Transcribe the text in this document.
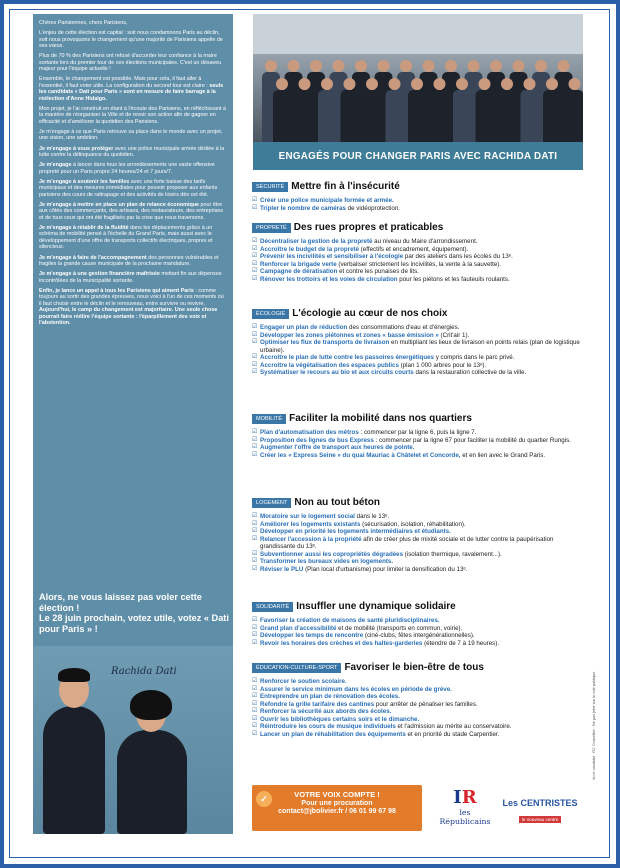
Chères Parisiennes, chers Parisiens,

L'enjeu de cette élection est capital : soit nous condamnons Paris au déclin, soit nous provoquons le changement qu'une majorité de Parisiens appelle de ses vœux.

Plus de 70 % des Parisiens ont refusé d'accorder leur confiance à la maire sortante lors du premier tour de ces élections municipales. C'est un désaveu majeur pour l'équipe actuelle !

Ensemble, le changement est possible. Mais pour cela, il faut aller à l'essentiel, il faut voter utile. La configuration du second tour est claire : seuls les candidats « Dati pour Paris » sont en mesure de faire barrage à la réélection d'Anne Hidalgo.

Mon projet, je l'ai construit en étant à l'écoute des Parisiens, en réfléchissant à la manière de réorganiser la Ville et de revoir son action afin de gagner en efficacité et d'améliorer la quotidien des Parisiens.

Je m'engage à ce que Paris retrouve sa place dans le monde avec un projet, une vision, une ambition.

Je m'engage à vous protéger avec une police municipale armée dédiée à la lutte contre la délinquance du quotidien.

Je m'engage à lancer dans tous les arrondissements une vaste offensive propreté pour un Paris propre 24 heures/24 et 7 jours/7.

Je m'engage à soutenir les familles avec une forte baisse des tarifs municipaux et des mesures immédiates pour pouvoir proposer aux enfants parisiens des cours de rattrapage et des activités de loisirs dès cet été.

Je m'engage à mettre en place un plan de relance économique pour être aux côtés des commerçants, des artisans, des restaurateurs, des entreprises et de tous ceux qui ont été fragilisés par la crise que nous traversons.

Je m'engage à rétablir de la fluidité dans les déplacements grâce à un schéma de mobilité pensé à l'échelle du Grand Paris, mais aussi avec le développement d'une offre de transports collectifs électriques, propres et silencieux.

Je m'engage à faire de l'accompagnement des personnes vulnérables et fragiles la grande cause municipale de la prochaine mandature.

Je m'engage à une gestion financière maîtrisée mettant fin aux dépenses incontrôlées de la municipalité sortante.

Enfin, je lance un appel à tous les Parisiens qui aiment Paris : comme toujours au sortir des grandes épreuves, nous voici à l'un de ces moments où il faut choisir entre le déclin et le renouveau, entre survivre ou revivre. Aujourd'hui, le camp du changement est majoritaire. Une seule chose pourrait faire réélire l'équipe sortante : l'éparpillement des voix et l'abstention.

Alors, ne vous laissez pas voler cette élection !

Le 28 juin prochain, votez utile, votez « Dati pour Paris » !

Rachida Dati
ENGAGÉS POUR CHANGER PARIS AVEC RACHIDA DATI
SÉCURITÉ Mettre fin à l'insécurité
☑ Créer une police municipale formée et armée.
☑ Tripler le nombre de caméras de vidéoprotection.
PROPRETÉ Des rues propres et praticables
☑ Décentraliser la gestion de la propreté au niveau du Maire d'arrondissement.
☑ Accroître le budget de la propreté (effectifs et encadrement, équipement).
☑ Prévenir les incivilités et sensibiliser à l'écologie par des ateliers dans les écoles du 13ᵉ.
☑ Renforcer la brigade verte (verbaliser strictement les incivilités, la vente à la sauvette).
☑ Campagne de dératisation et contre les punaises de lits.
☑ Rénover les trottoirs et les voies de circulation pour les piétons et les fauteuils roulants.
ÉCOLOGIE L'écologie au cœur de nos choix
☑ Engager un plan de réduction des consommations d'eau et d'énergies.
☑ Développer les zones piétonnes et zones « basse émission » (Crit'air 1).
☑ Optimiser les flux de transports de livraison en multipliant les lieux de livraison en points relais (plan de logistique urbaine).
☑ Accroître le plan de lutte contre les passoires énergétiques y compris dans le parc privé.
☑ Accroître la végétalisation des espaces publics (plan 1 000 arbres pour le 13ᵉ).
☑ Systématiser le recours au bio et aux circuits courts dans la restauration collective de la ville.
MOBILITÉ Faciliter la mobilité dans nos quartiers
☑ Plan d'automatisation des métros : commencer par la ligne 6, puis la ligne 7.
☑ Proposition des lignes de bus Express : commencer par la ligne 67 pour faciliter la mobilité du quartier Rungis.
☑ Augmenter l'offre de transport aux heures de pointe.
☑ Créer les « Express Seine » du quai Mauriac à Châtelet et Concorde, et en lien avec le Grand Paris.
LOGEMENT Non au tout béton
☑ Moratoire sur le logement social dans le 13ᵉ.
☑ Améliorer les logements existants (sécurisation, isolation, réhabilitation).
☑ Développer en priorité les logements intermédiaires et étudiants.
☑ Relancer l'accession à la propriété afin de créer plus de mixité sociale et de lutter contre la paupérisation grandissante du 13ᵉ.
☑ Subventionner aussi les copropriétés dégradées (isolation thermique, ravalement...).
☑ Transformer les bureaux vides en logements.
☑ Réviser le PLU (Plan local d'urbanisme) pour limiter la densification du 13ᵉ.
SOLIDARITÉ Insuffler une dynamique solidaire
☑ Favoriser la création de maisons de santé pluridisciplinaires.
☑ Grand plan d'accessibilité et de mobilité (transports en commun, voirie).
☑ Développer les temps de rencontre (ciné-clubs, fêtes intergénérationnelles).
☑ Revoir les horaires des crèches et des haltes-garderies (étendre de 7 à 19 heures).
ÉDUCATION-CULTURE-SPORT Favoriser le bien-être de tous
☑ Renforcer le soutien scolaire.
☑ Assurer le service minimum dans les écoles en période de grève.
☑ Entreprendre un plan de rénovation des écoles.
☑ Refondre la grille tarifaire des cantines pour arrêter de pénaliser les familles.
☑ Renforcer la sécurité aux abords des écoles.
☑ Ouvrir les bibliothèques certains soirs et le dimanche.
☑ Réintroduire les cours de musique individuels et l'admission au mérite au conservatoire.
☑ Lancer un plan de réhabilitation des équipements et en priorité du stade Carpentier.
✓	VOTRE VOIX COMPTE !
Pour une procuration
contact@jbolivier.fr / 06 01 99 67 98
IR
les Républicains
Les CENTRISTES
le nouveau centre
Vu le candidat · RC Conseiller · Ne pas jeter sur la voie publique
